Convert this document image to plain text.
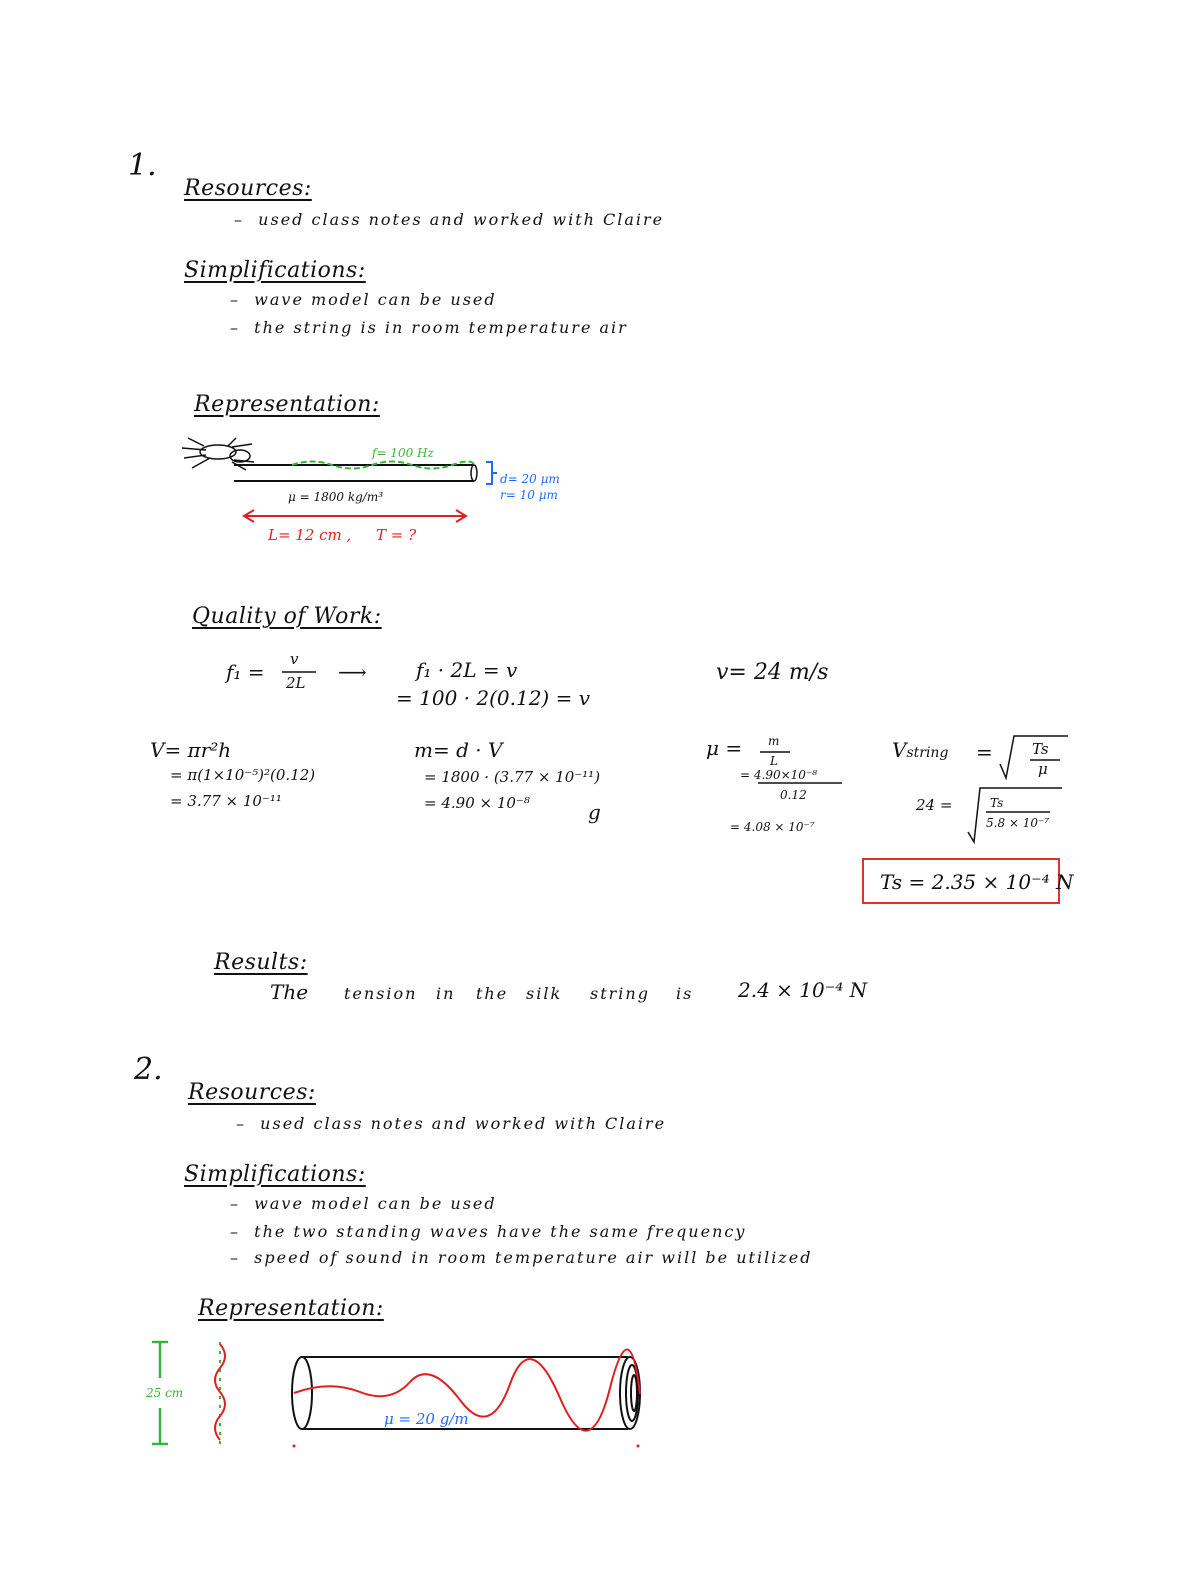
1.
Resources:
–  used class notes and worked with Claire
Simplifications:
–  wave model can be used
–  the string is in room temperature air
Representation:
f= 100 Hz
μ = 1800 kg/m³
d= 20 μm
r= 10 μm
L= 12 cm , T = ?
Quality of Work:
f₁ =
v
2L ⟶ f₁ · 2L = v
= 100 · 2(0.12) = v
v= 24 m/s
V= πr²h
= π(1×10⁻⁵)²(0.12)
= 3.77 × 10⁻¹¹
m= d · V
= 1800 · (3.77 × 10⁻¹¹)
= 4.90 × 10⁻⁸	g
μ = m
L
= 4.90×10⁻⁸
0.12
= 4.08 × 10⁻⁷
Vstring =	Ts
μ
24 =	Ts
5.8 × 10⁻⁷
Ts = 2.35 × 10⁻⁴ N
Results:
The tension in the silk string is 2.4 × 10⁻⁴ N
2.
Resources:
–  used class notes and worked with Claire
Simplifications:
–  wave model can be used
–  the two standing waves have the same frequency
–  speed of sound in room temperature air will be utilized
Representation:
25 cm
μ = 20 g/m
